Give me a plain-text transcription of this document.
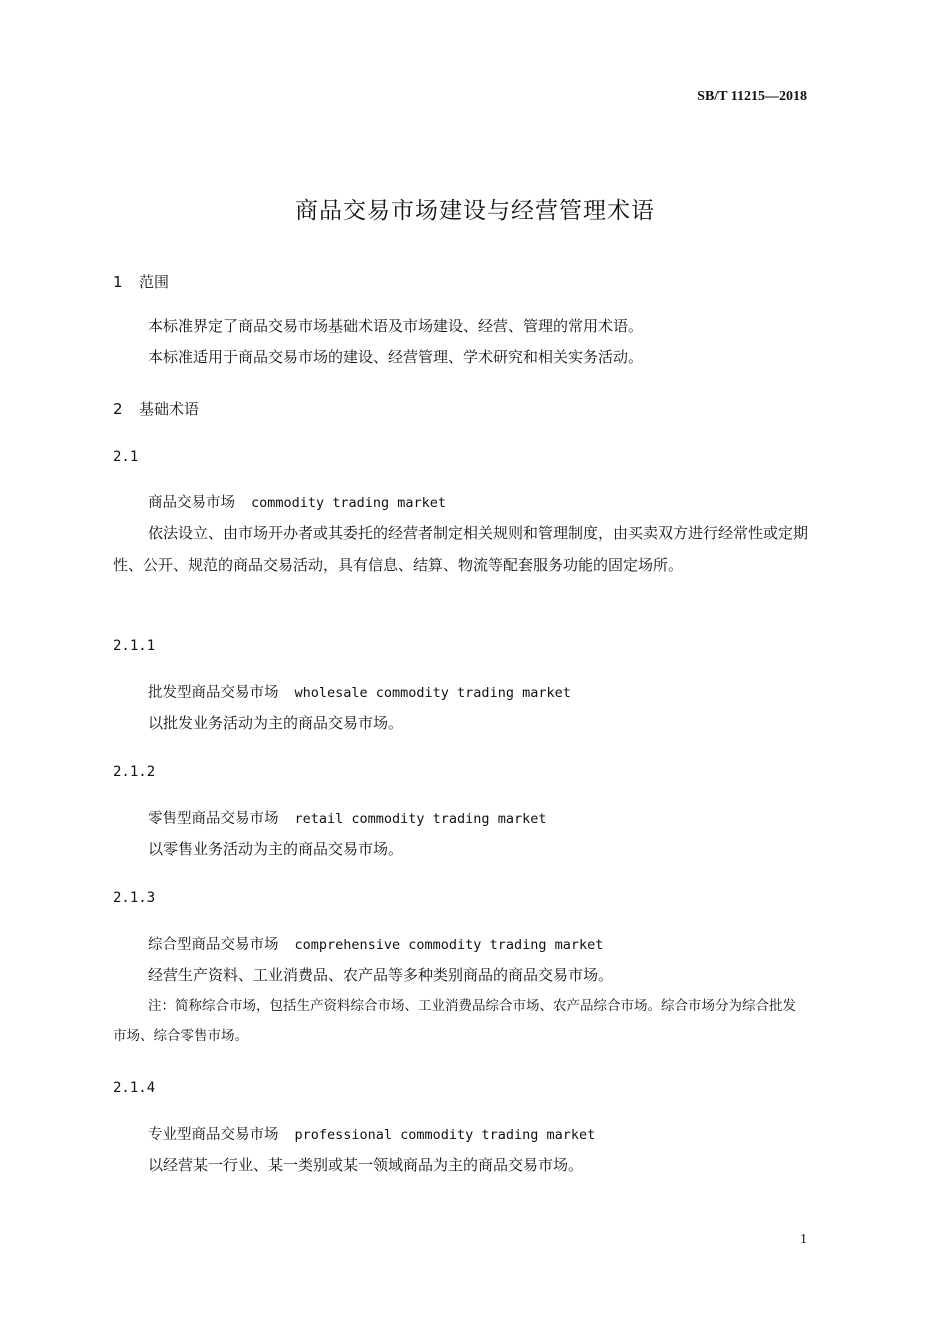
SB/T 11215—2018
商品交易市场建设与经营管理术语
1 范围
本标准界定了商品交易市场基础术语及市场建设、经营、管理的常用术语。
本标准适用于商品交易市场的建设、经营管理、学术研究和相关实务活动。
2 基础术语
2.1
商品交易市场 commodity trading market
依法设立、由市场开办者或其委托的经营者制定相关规则和管理制度，由买卖双方进行经常性或定期性、公开、规范的商品交易活动，具有信息、结算、物流等配套服务功能的固定场所。
2.1.1
批发型商品交易市场 wholesale commodity trading market
以批发业务活动为主的商品交易市场。
2.1.2
零售型商品交易市场 retail commodity trading market
以零售业务活动为主的商品交易市场。
2.1.3
综合型商品交易市场 comprehensive commodity trading market
经营生产资料、工业消费品、农产品等多种类别商品的商品交易市场。
注：简称综合市场，包括生产资料综合市场、工业消费品综合市场、农产品综合市场。综合市场分为综合批发市场、综合零售市场。
2.1.4
专业型商品交易市场 professional commodity trading market
以经营某一行业、某一类别或某一领域商品为主的商品交易市场。
1
